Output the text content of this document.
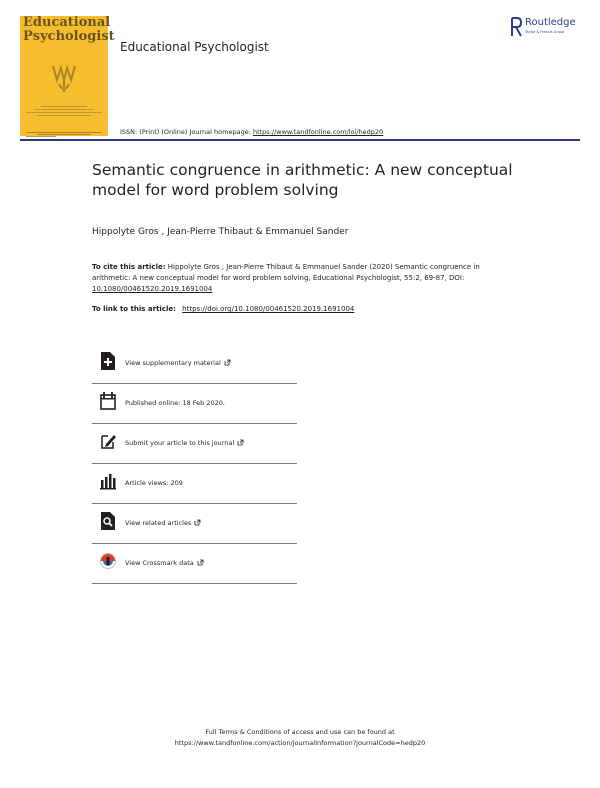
Educational
Psychologist
Educational Psychologist
Routledge
Taylor & Francis Group
ISSN: (Print) (Online) Journal homepage: https://www.tandfonline.com/loi/hedp20
Semantic congruence in arithmetic: A new conceptual model for word problem solving
Hippolyte Gros , Jean-Pierre Thibaut & Emmanuel Sander
To cite this article: Hippolyte Gros , Jean-Pierre Thibaut & Emmanuel Sander (2020) Semantic congruence in arithmetic: A new conceptual model for word problem solving, Educational Psychologist, 55:2, 69-87, DOI: 10.1080/00461520.2019.1691004
To link to this article: https://doi.org/10.1080/00461520.2019.1691004
View supplementary material
Published online: 18 Feb 2020.
Submit your article to this journal
Article views: 209
View related articles
View Crossmark data
Full Terms & Conditions of access and use can be found at
https://www.tandfonline.com/action/journalInformation?journalCode=hedp20
